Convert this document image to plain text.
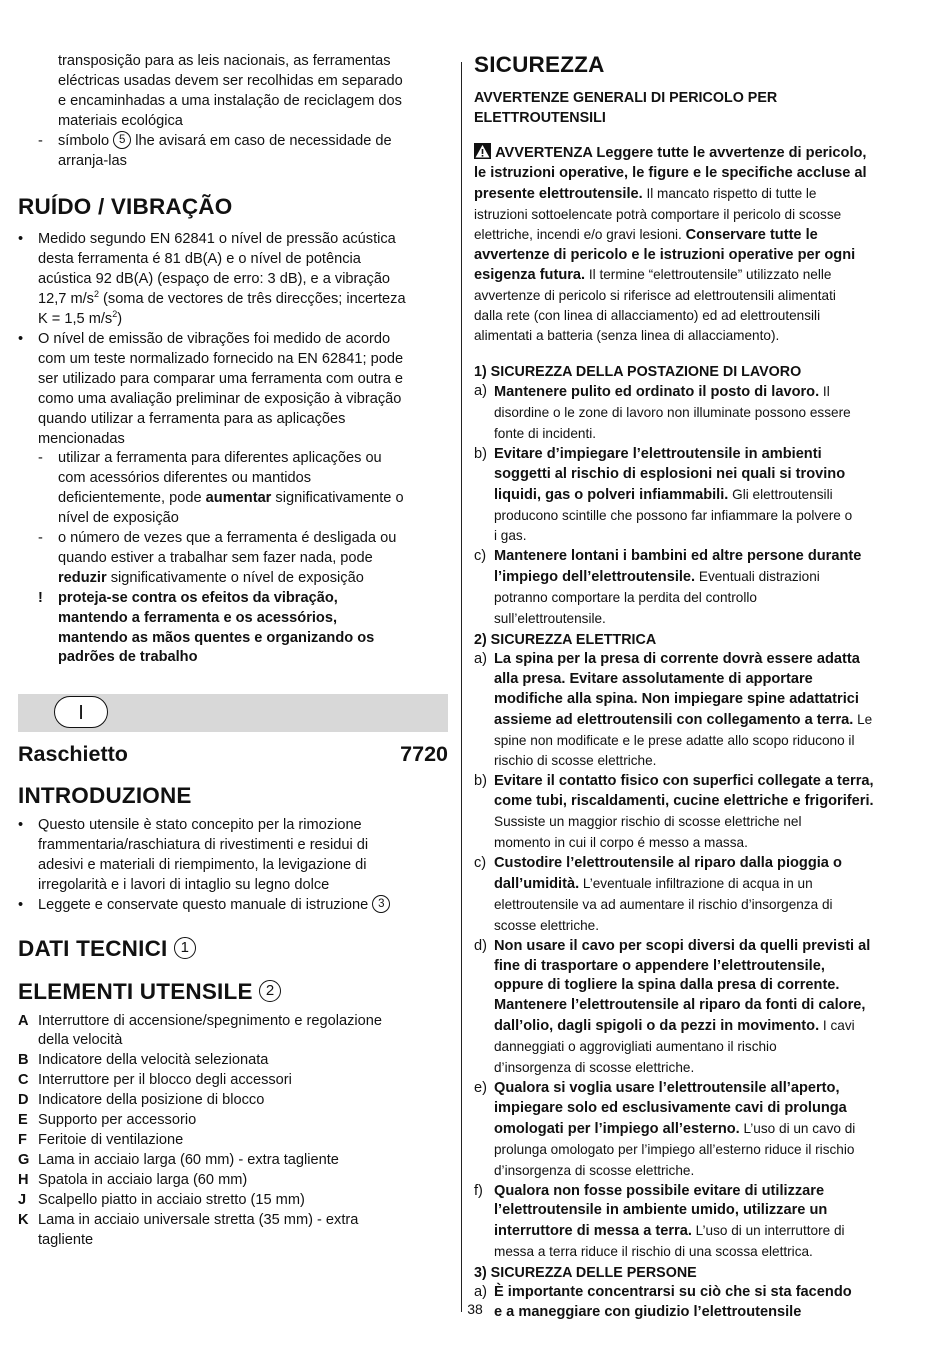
transposição para as leis nacionais, as ferramentas
eléctricas usadas devem ser recolhidas em separado
e encaminhadas a uma instalação de reciclagem dos
materiais ecológica
- símbolo 5 lhe avisará em caso de necessidade de
arranja-las
RUÍDO / VIBRAÇÃO
• Medido segundo EN 62841 o nível de pressão acústica
desta ferramenta é 81 dB(A) e o nível de potência
acústica 92 dB(A) (espaço de erro: 3 dB), e a vibração
12,7 $m/s^2$ (soma de vectores de três direcções; incerteza
K = 1,5 $m/s^2$)
• O nível de emissão de vibrações foi medido de acordo
com um teste normalizado fornecido na EN 62841; pode
ser utilizado para comparar uma ferramenta com outra e
como uma avaliação preliminar de exposição à vibração
quando utilizar a ferramenta para as aplicações
mencionadas
- utilizar a ferramenta para diferentes aplicações ou
com acessórios diferentes ou mantidos
deficientemente, pode aumentar significativamente o
nível de exposição
- o número de vezes que a ferramenta é desligada ou
quando estiver a trabalhar sem fazer nada, pode
reduzir significativamente o nível de exposição
! proteja-se contra os efeitos da vibração,
mantendo a ferramenta e os acessórios,
mantendo as mãos quentes e organizando os
padrões de trabalho
I
Raschietto	7720
INTRODUZIONE
• Questo utensile è stato concepito per la rimozione
frammentaria/raschiatura di rivestimenti e residui di
adesivi e materiali di riempimento, la levigazione di
irregolarità e i lavori di intaglio su legno dolce
• Leggete e conservate questo manuale di istruzione 3
DATI TECNICI 1
ELEMENTI UTENSILE 2
A Interruttore di accensione/spegnimento e regolazione
della velocità
B Indicatore della velocità selezionata
C Interruttore per il blocco degli accessori
D Indicatore della posizione di blocco
E Supporto per accessorio
F Feritoie di ventilazione
G Lama in acciaio larga (60 mm) - extra tagliente
H Spatola in acciaio larga (60 mm)
J Scalpello piatto in acciaio stretto (15 mm)
K Lama in acciaio universale stretta (35 mm) - extra
tagliente
SICUREZZA
AVVERTENZE GENERALI DI PERICOLO PER
ELETTROUTENSILI
AVVERTENZA Leggere tutte le avvertenze di pericolo,
le istruzioni operative, le figure e le specifiche accluse al
presente elettroutensile. Il mancato rispetto di tutte le
istruzioni sottoelencate potrà comportare il pericolo di scosse
elettriche, incendi e/o gravi lesioni. Conservare tutte le
avvertenze di pericolo e le istruzioni operative per ogni
esigenza futura. Il termine “elettroutensile” utilizzato nelle
avvertenze di pericolo si riferisce ad elettroutensili alimentati
dalla rete (con linea di allacciamento) ed ad elettroutensili
alimentati a batteria (senza linea di allacciamento).
1) SICUREZZA DELLA POSTAZIONE DI LAVORO
a) Mantenere pulito ed ordinato il posto di lavoro. Il
disordine o le zone di lavoro non illuminate possono essere
fonte di incidenti.
b) Evitare d’impiegare l’elettroutensile in ambienti
soggetti al rischio di esplosioni nei quali si trovino
liquidi, gas o polveri infiammabili. Gli elettroutensili
producono scintille che possono far infiammare la polvere o
i gas.
c) Mantenere lontani i bambini ed altre persone durante
l’impiego dell’elettroutensile. Eventuali distrazioni
potranno comportare la perdita del controllo
sull’elettroutensile.
2) SICUREZZA ELETTRICA
a) La spina per la presa di corrente dovrà essere adatta
alla presa. Evitare assolutamente di apportare
modifiche alla spina. Non impiegare spine adattatrici
assieme ad elettroutensili con collegamento a terra. Le
spine non modificate e le prese adatte allo scopo riducono il
rischio di scosse elettriche.
b) Evitare il contatto fisico con superfici collegate a terra,
come tubi, riscaldamenti, cucine elettriche e frigoriferi.
Sussiste un maggior rischio di scosse elettriche nel
momento in cui il corpo é messo a massa.
c) Custodire l’elettroutensile al riparo dalla pioggia o
dall’umidità. L’eventuale infiltrazione di acqua in un
elettroutensile va ad aumentare il rischio d’insorgenza di
scosse elettriche.
d) Non usare il cavo per scopi diversi da quelli previsti al
fine di trasportare o appendere l’elettroutensile,
oppure di togliere la spina dalla presa di corrente.
Mantenere l’elettroutensile al riparo da fonti di calore,
dall’olio, dagli spigoli o da pezzi in movimento. I cavi
danneggiati o aggrovigliati aumentano il rischio
d’insorgenza di scosse elettriche.
e) Qualora si voglia usare l’elettroutensile all’aperto,
impiegare solo ed esclusivamente cavi di prolunga
omologati per l’impiego all’esterno. L’uso di un cavo di
prolunga omologato per l’impiego all’esterno riduce il rischio
d’insorgenza di scosse elettriche.
f) Qualora non fosse possibile evitare di utilizzare
l’elettroutensile in ambiente umido, utilizzare un
interruttore di messa a terra. L’uso di un interruttore di
messa a terra riduce il rischio di una scossa elettrica.
3) SICUREZZA DELLE PERSONE
a) È importante concentrarsi su ciò che si sta facendo
e a maneggiare con giudizio l’elettroutensile
38
